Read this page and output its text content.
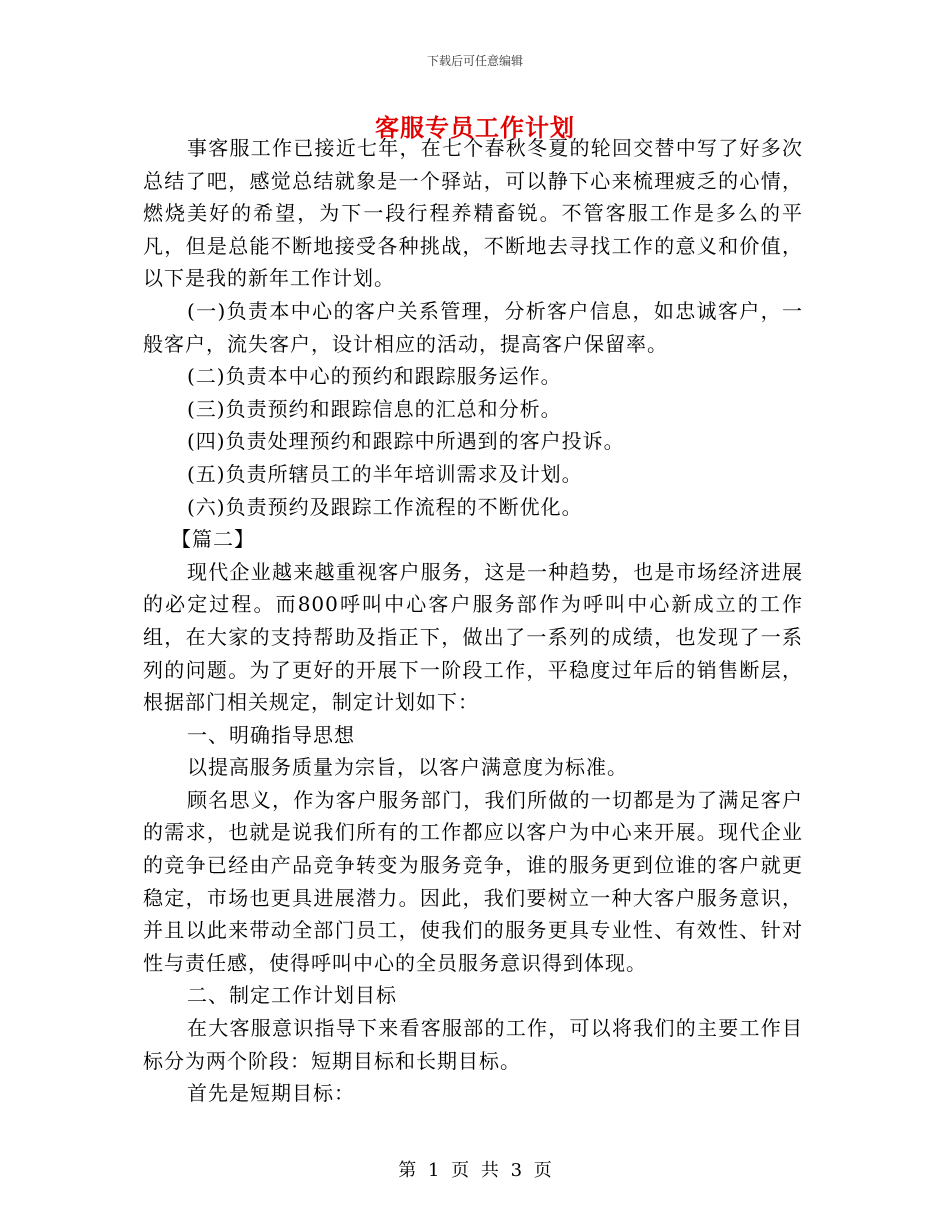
下载后可任意编辑
客服专员工作计划

事客服工作已接近七年，在七个春秋冬夏的轮回交替中写了好多次总结了吧，感觉总结就象是一个驿站，可以静下心来梳理疲乏的心情，燃烧美好的希望，为下一段行程养精畜锐。不管客服工作是多么的平凡，但是总能不断地接受各种挑战，不断地去寻找工作的意义和价值，以下是我的新年工作计划。

(一)负责本中心的客户关系管理，分析客户信息，如忠诚客户，一般客户，流失客户，设计相应的活动，提高客户保留率。

(二)负责本中心的预约和跟踪服务运作。

(三)负责预约和跟踪信息的汇总和分析。

(四)负责处理预约和跟踪中所遇到的客户投诉。

(五)负责所辖员工的半年培训需求及计划。

(六)负责预约及跟踪工作流程的不断优化。

【篇二】

现代企业越来越重视客户服务，这是一种趋势，也是市场经济进展的必定过程。而800呼叫中心客户服务部作为呼叫中心新成立的工作组，在大家的支持帮助及指正下，做出了一系列的成绩，也发现了一系列的问题。为了更好的开展下一阶段工作，平稳度过年后的销售断层，根据部门相关规定，制定计划如下：

一、明确指导思想

以提高服务质量为宗旨，以客户满意度为标准。

顾名思义，作为客户服务部门，我们所做的一切都是为了满足客户的需求，也就是说我们所有的工作都应以客户为中心来开展。现代企业的竞争已经由产品竞争转变为服务竞争，谁的服务更到位谁的客户就更稳定，市场也更具进展潜力。因此，我们要树立一种大客户服务意识，并且以此来带动全部门员工，使我们的服务更具专业性、有效性、针对性与责任感，使得呼叫中心的全员服务意识得到体现。

二、制定工作计划目标

在大客服意识指导下来看客服部的工作，可以将我们的主要工作目标分为两个阶段：短期目标和长期目标。

首先是短期目标：

第 1 页 共 3 页
